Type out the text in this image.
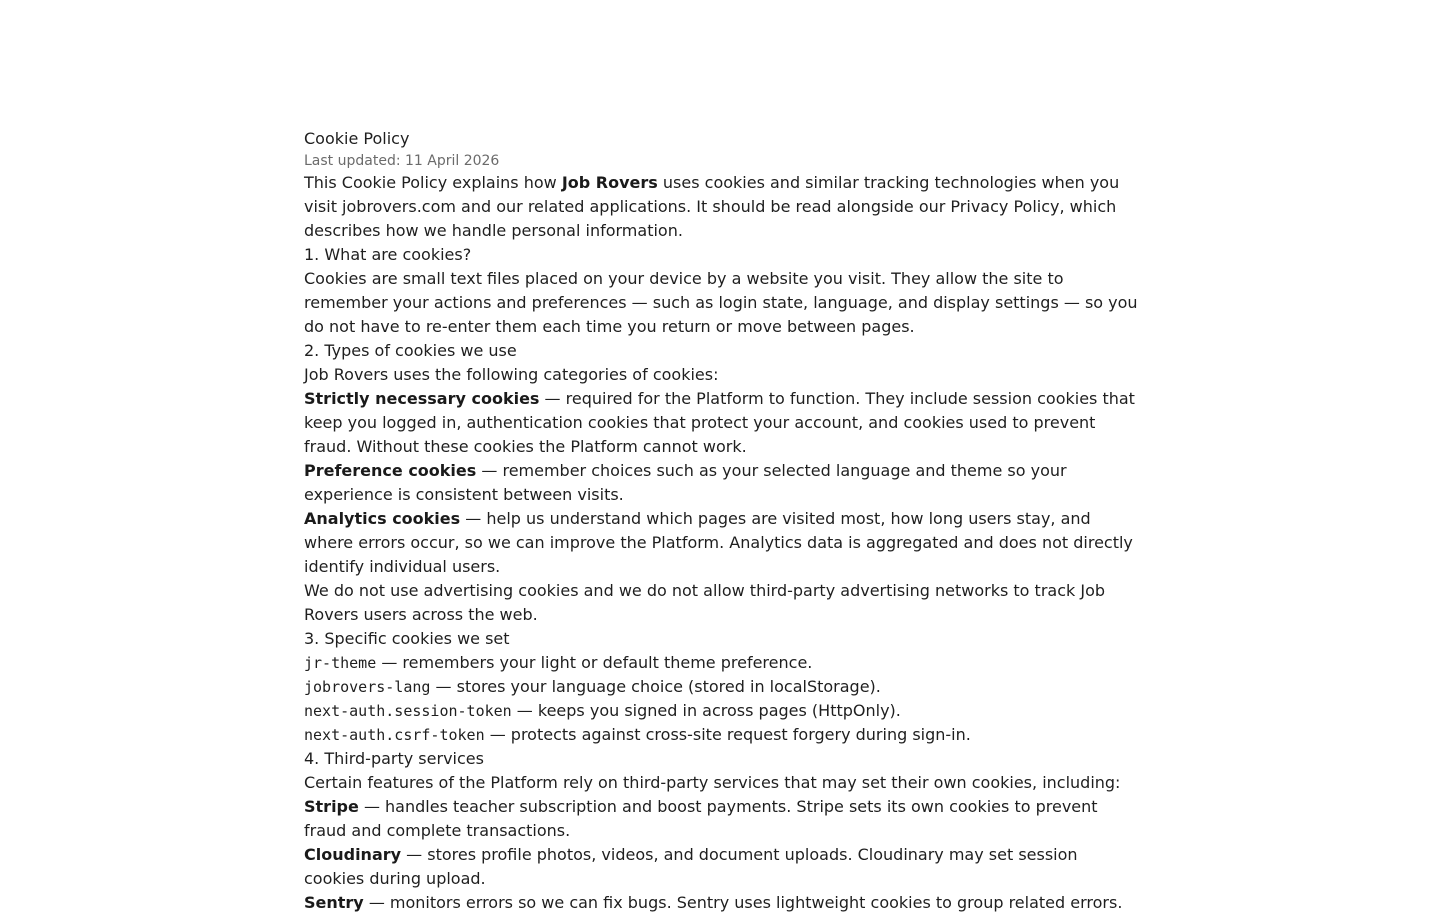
Cookie Policy
Last updated: 11 April 2026

This Cookie Policy explains how Job Rovers uses cookies and similar tracking technologies when you visit jobrovers.com and our related applications. It should be read alongside our Privacy Policy, which describes how we handle personal information.

1. What are cookies?

Cookies are small text files placed on your device by a website you visit. They allow the site to remember your actions and preferences — such as login state, language, and display settings — so you do not have to re-enter them each time you return or move between pages.

2. Types of cookies we use

Job Rovers uses the following categories of cookies:

Strictly necessary cookies — required for the Platform to function. They include session cookies that keep you logged in, authentication cookies that protect your account, and cookies used to prevent fraud. Without these cookies the Platform cannot work.

Preference cookies — remember choices such as your selected language and theme so your experience is consistent between visits.

Analytics cookies — help us understand which pages are visited most, how long users stay, and where errors occur, so we can improve the Platform. Analytics data is aggregated and does not directly identify individual users.

We do not use advertising cookies and we do not allow third-party advertising networks to track Job Rovers users across the web.

3. Specific cookies we set
jr-theme — remembers your light or default theme preference.
jobrovers-lang — stores your language choice (stored in localStorage).
next-auth.session-token — keeps you signed in across pages (HttpOnly).
next-auth.csrf-token — protects against cross-site request forgery during sign-in.
4. Third-party services

Certain features of the Platform rely on third-party services that may set their own cookies, including:

Stripe — handles teacher subscription and boost payments. Stripe sets its own cookies to prevent fraud and complete transactions.

Cloudinary — stores profile photos, videos, and document uploads. Cloudinary may set session cookies during upload.

Sentry — monitors errors so we can fix bugs. Sentry uses lightweight cookies to group related errors.
